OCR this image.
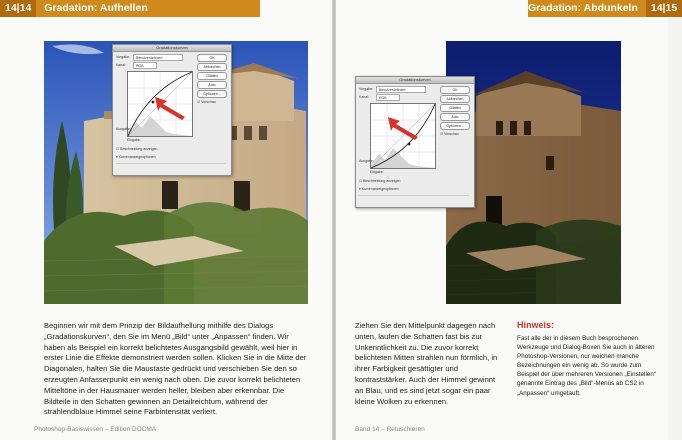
14|14 Gradation: Aufhellen
Gradationskurven
Vorgabe:	Benutzerdefiniert
Kanal:	RGB
Ausgabe:
Eingabe:
OK
Abbrechen
Glätten
Auto
Optionen...
☑ Vorschau
☐ Beschneidung anzeigen
▾ Kurvenanzeigeoptionen
Beginnen wir mit dem Prinzip der Bildaufhellung mithilfe des Dialogs „Gradationskurven“, den Sie im Menü „Bild“ unter „Anpassen“ finden. Wir haben als Beispiel ein korrekt belichtetes Ausgangsbild gewählt, weil hier in erster Linie die Effekte demonstriert werden sollen. Klicken Sie in die Mitte der Diagonalen, halten Sie die Maustaste gedrückt und verschieben Sie den so erzeugten Anfasserpunkt ein wenig nach oben. Die zuvor korrekt belichteten Mitteltöne in der Hausmauer werden heller, bleiben aber erkennbar. Die Bildteile in den Schatten gewinnen an Detailreichtum, während der strahlendblaue Himmel seine Farbintensität verliert.
Photoshop-Basiswissen – Edition DOCMA
Gradation: Abdunkeln 14|15
Gradationskurven
Vorgabe:	Benutzerdefiniert
Kanal:	RGB
Ausgabe:
Eingabe:
OK
Abbrechen
Glätten
Auto
Optionen...
☑ Vorschau
☐ Beschneidung anzeigen
▾ Kurvenanzeigeoptionen
Ziehen Sie den Mittelpunkt dagegen nach unten, laufen die Schatten fast bis zur Unkenntlichkeit zu. Die zuvor korrekt belichteten Mitten strahlen nun förmlich, in ihrer Farbigkeit gesättigter und kontraststärker. Auch der Himmel gewinnt an Blau, und es sind jetzt sogar ein paar kleine Wolken zu erkennen.
Hinweis:
Fast alle der in diesem Buch besprochenen Werkzeuge und Dialog-Boxen Sie auch in älteren Photoshop-Versionen, nur weichen manche Bezeichnungen ein wenig ab. So wurde zum Beispiel der über mehreren Versionen „Einstellen“ genannte Eintrag des „Bild“-Menüs ab CS2 in „Anpassen“ umgetauft.
Band 14 – Retuschieren
